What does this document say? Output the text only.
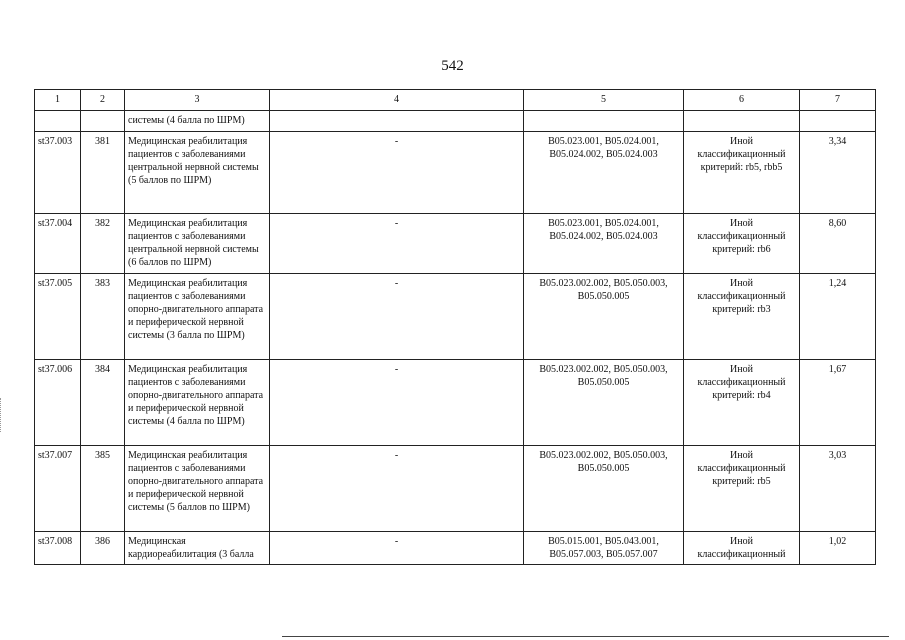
542
1	2	3	4	5	6	7
		системы (4 балла по ШРМ)				
st37.003	381	Медицинская реабилитация пациентов с заболеваниями центральной нервной системы (5 баллов по ШРМ)	-	B05.023.001, B05.024.001, B05.024.002, B05.024.003	Иной классификационный критерий: rb5, rbb5	3,34
st37.004	382	Медицинская реабилитация пациентов с заболеваниями центральной нервной системы (6 баллов по ШРМ)	-	B05.023.001, B05.024.001, B05.024.002, B05.024.003	Иной классификационный критерий: rb6	8,60
st37.005	383	Медицинская реабилитация пациентов с заболеваниями опорно-двигательного аппарата и периферической нервной системы (3 балла по ШРМ)	-	B05.023.002.002, B05.050.003, B05.050.005	Иной классификационный критерий: rb3	1,24
st37.006	384	Медицинская реабилитация пациентов с заболеваниями опорно-двигательного аппарата и периферической нервной системы (4 балла по ШРМ)	-	B05.023.002.002, B05.050.003, B05.050.005	Иной классификационный критерий: rb4	1,67
st37.007	385	Медицинская реабилитация пациентов с заболеваниями опорно-двигательного аппарата и периферической нервной системы (5 баллов по ШРМ)	-	B05.023.002.002, B05.050.003, B05.050.005	Иной классификационный критерий: rb5	3,03
st37.008	386	Медицинская кардиореабилитация (3 балла	-	B05.015.001, B05.043.001, B05.057.003, B05.057.007	Иной классификационный	1,02
